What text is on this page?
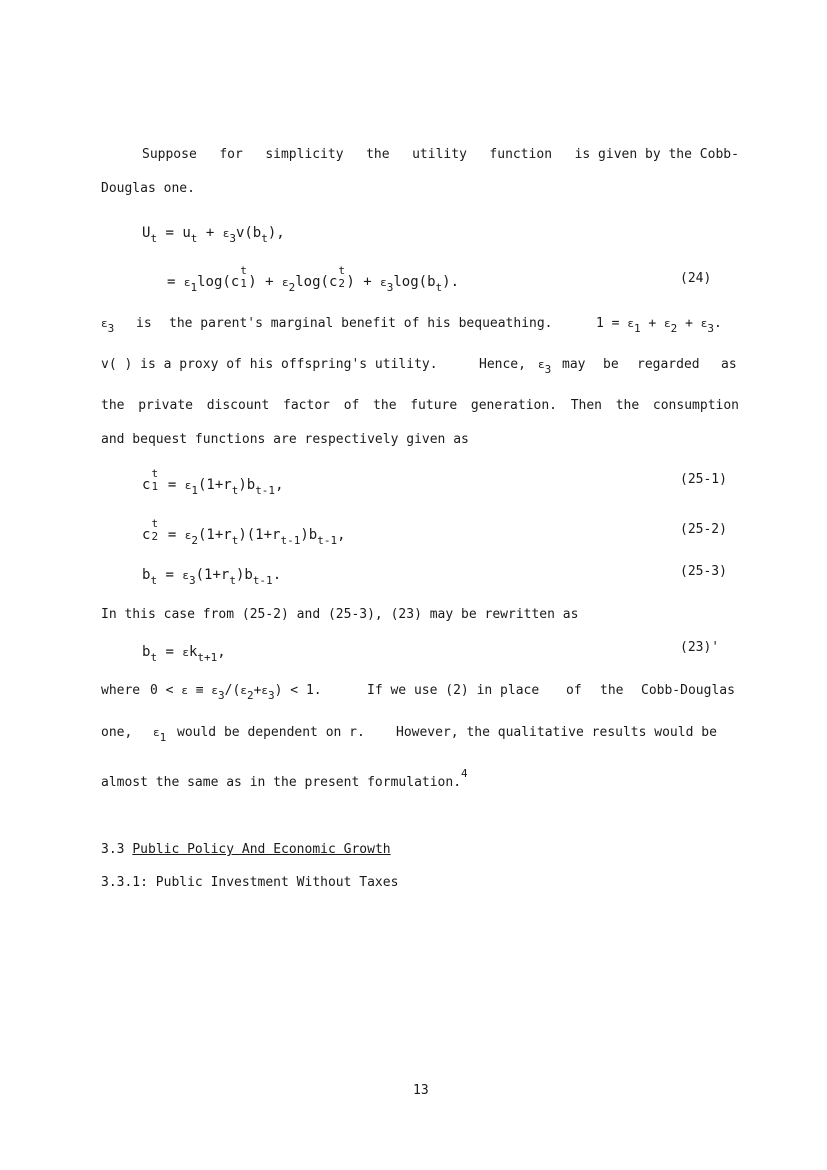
Suppose for simplicity the utility function is given by the Cobb-
Douglas one.
$U_t = u_t + \varepsilon_3v(b_t)$,
= $\varepsilon_1\log(c$
t
1 ) + $\varepsilon_2\log(c$
t
2 ) + $\varepsilon_3\log(b_t)$.	(24)
$\varepsilon_3$ is the parent's marginal benefit of his bequeathing.	$1 = \varepsilon_1 + \varepsilon_2 + \varepsilon_3$.
v( ) is a proxy of his offspring's utility.	Hence, $\varepsilon_3$ may be regarded as
the private discount factor of the future generation. Then the consumption
and bequest functions are respectively given as
c
t
$1 = \varepsilon_1(1+r_t)b_{t-1}$,	(25-1)
c
t
$2 = \varepsilon_2(1+r_t)(1+r_{t-1})b_{t-1}$,	(25-2)
$b_t = \varepsilon_3(1+r_t)b_{t-1}$.	(25-3)
In this case from (25-2) and (25-3), (23) may be rewritten as
$b_t = \varepsilon k_{t+1}$,	(23)'
where $0 < \varepsilon \equiv \varepsilon_3/(\varepsilon_2+\varepsilon_3) < 1$.	If we use (2) in place of the Cobb-Douglas
one, $\varepsilon_1$ would be dependent on r. However, the qualitative results would be
almost the same as in the present formulation.$^4$
3.3 Public Policy And Economic Growth
3.3.1: Public Investment Without Taxes
13
